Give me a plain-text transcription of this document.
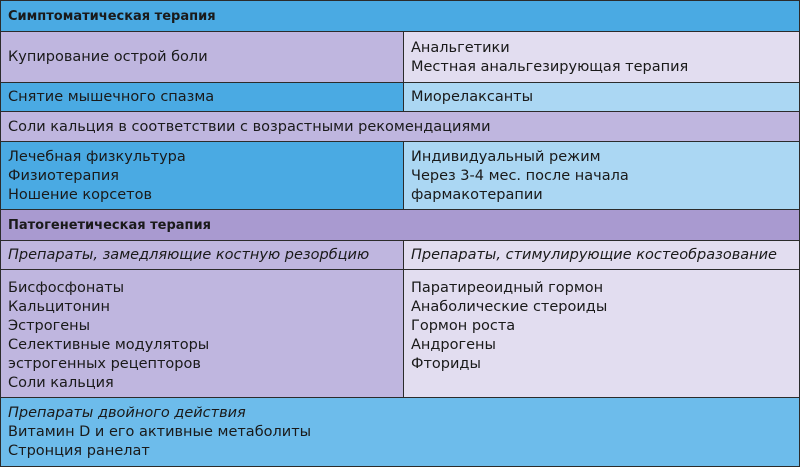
Симптоматическая терапия
Купирование острой боли
Анальгетики
Местная анальгезирующая терапия
Снятие мышечного спазма	Миорелаксанты
Соли кальция в соответствии с возрастными рекомендациями
Лечебная физкультура
Физиотерапия
Ношение корсетов
Индивидуальный режим
Через 3-4 мес. после начала
фармакотерапии
Патогенетическая терапия
Препараты, замедляющие костную резорбцию	Препараты, стимулирующие костеобразование
Бисфосфонаты
Кальцитонин
Эстрогены
Селективные модуляторы
эстрогенных рецепторов
Соли кальция
Паратиреоидный гормон
Анаболические стероиды
Гормон роста
Андрогены
Фториды
Препараты двойного действия
Витамин D и его активные метаболиты
Стронция ранелат
